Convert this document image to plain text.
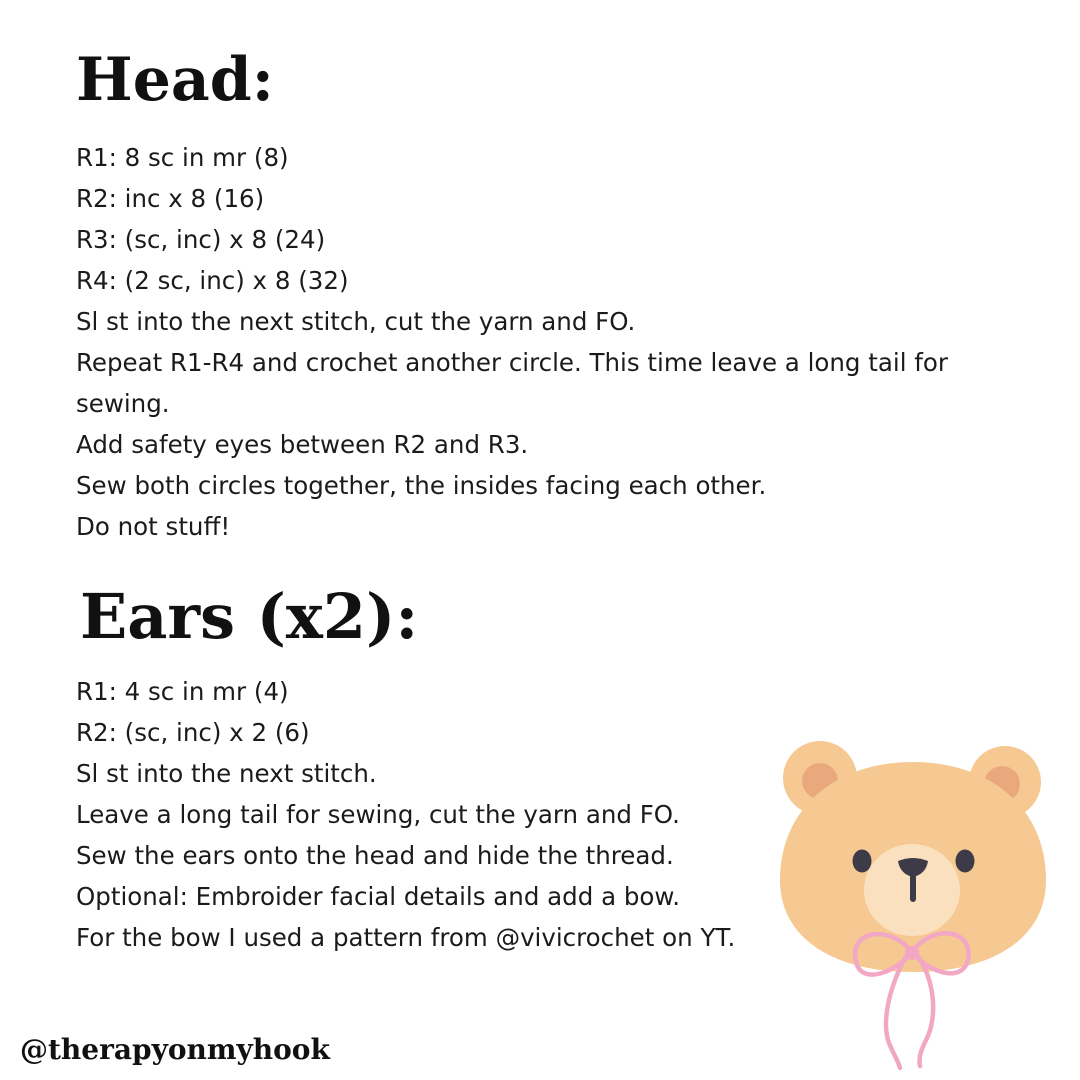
Head:
R1: 8 sc in mr (8)
R2: inc x 8 (16)
R3: (sc, inc) x 8 (24)
R4: (2 sc, inc) x 8 (32)
Sl st into the next stitch, cut the yarn and FO.
Repeat R1-R4 and crochet another circle. This time leave a long tail for sewing.
Add safety eyes between R2 and R3.
Sew both circles together, the insides facing each other.
Do not stuff!
Ears (x2):
R1: 4 sc in mr (4)
R2: (sc, inc) x 2 (6)
Sl st into the next stitch.
Leave a long tail for sewing, cut the yarn and FO.
Sew the ears onto the head and hide the thread.
Optional: Embroider facial details and add a bow.
For the bow I used a pattern from @vivicrochet on YT.

@therapyonmyhook
